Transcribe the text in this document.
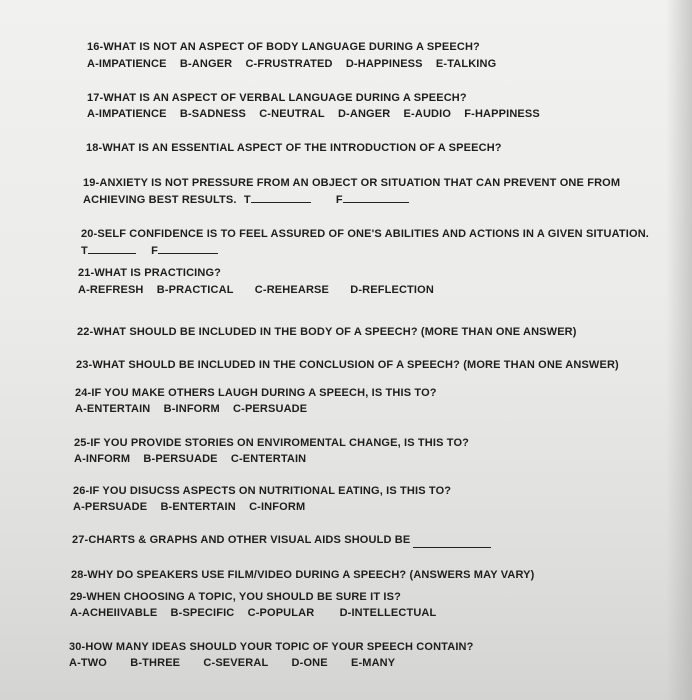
16-WHAT IS NOT AN ASPECT OF BODY LANGUAGE DURING A SPEECH?
A-IMPATIENCE B-ANGER C-FRUSTRATED D-HAPPINESS E-TALKING
17-WHAT IS AN ASPECT OF VERBAL LANGUAGE DURING A SPEECH?
A-IMPATIENCE B-SADNESS C-NEUTRAL D-ANGER E-AUDIO F-HAPPINESS
18-WHAT IS AN ESSENTIAL ASPECT OF THE INTRODUCTION OF A SPEECH?
19-ANXIETY IS NOT PRESSURE FROM AN OBJECT OR SITUATION THAT CAN PREVENT ONE FROM
ACHIEVING BEST RESULTS. T	F
20-SELF CONFIDENCE IS TO FEEL ASSURED OF ONE'S ABILITIES AND ACTIONS IN A GIVEN SITUATION.
T	F
21-WHAT IS PRACTICING?
A-REFRESH B-PRACTICAL C-REHEARSE D-REFLECTION
22-WHAT SHOULD BE INCLUDED IN THE BODY OF A SPEECH? (MORE THAN ONE ANSWER)
23-WHAT SHOULD BE INCLUDED IN THE CONCLUSION OF A SPEECH? (MORE THAN ONE ANSWER)
24-IF YOU MAKE OTHERS LAUGH DURING A SPEECH, IS THIS TO?
A-ENTERTAIN B-INFORM C-PERSUADE
25-IF YOU PROVIDE STORIES ON ENVIROMENTAL CHANGE, IS THIS TO?
A-INFORM B-PERSUADE C-ENTERTAIN
26-IF YOU DISUCSS ASPECTS ON NUTRITIONAL EATING, IS THIS TO?
A-PERSUADE B-ENTERTAIN C-INFORM
27-CHARTS & GRAPHS AND OTHER VISUAL AIDS SHOULD BE
28-WHY DO SPEAKERS USE FILM/VIDEO DURING A SPEECH? (ANSWERS MAY VARY)
29-WHEN CHOOSING A TOPIC, YOU SHOULD BE SURE IT IS?
A-ACHEIIVABLE B-SPECIFIC C-POPULAR D-INTELLECTUAL
30-HOW MANY IDEAS SHOULD YOUR TOPIC OF YOUR SPEECH CONTAIN?
A-TWO B-THREE C-SEVERAL D-ONE E-MANY
